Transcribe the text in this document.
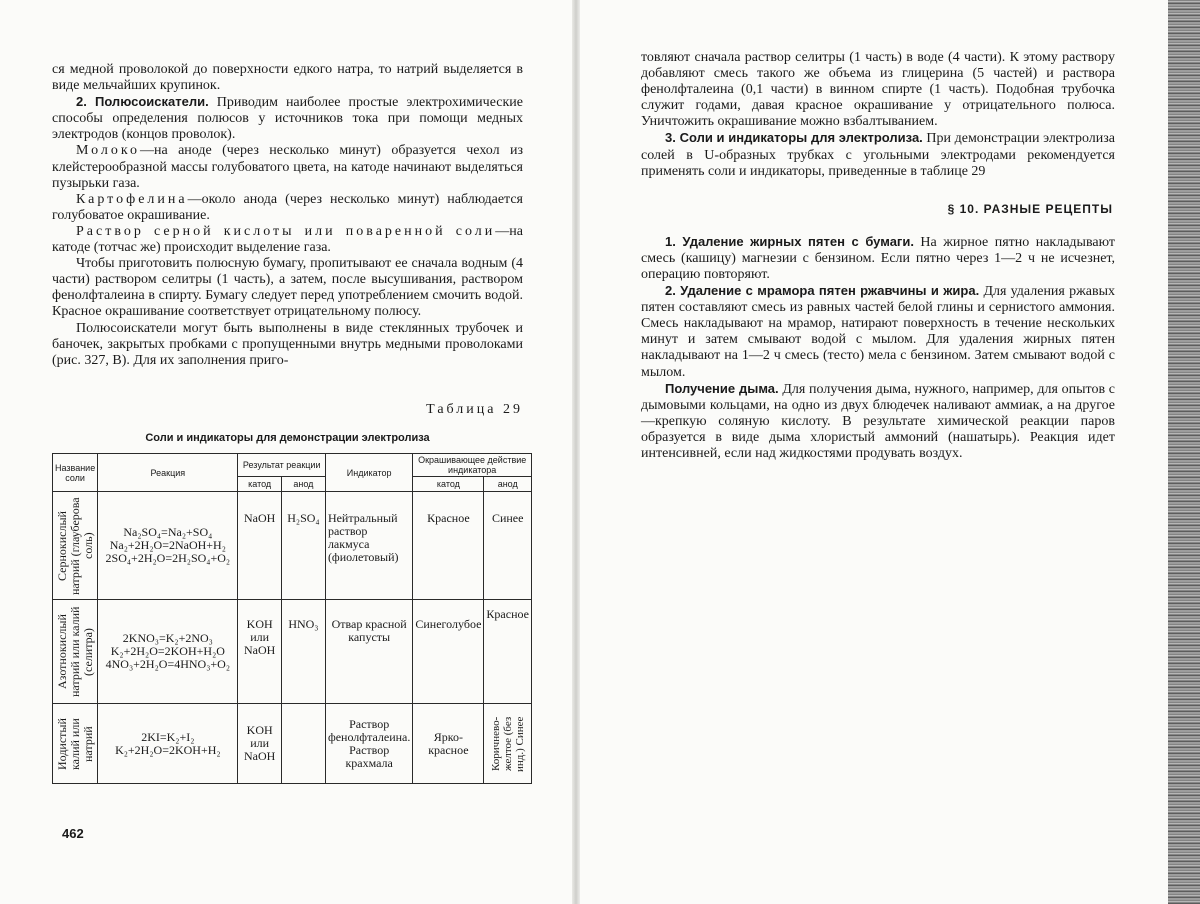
ся медной проволокой до поверхности едкого натра, то натрий выделяется в виде мельчайших крупинок.

2. Полюсоискатели. Приводим наиболее простые электрохимические способы определения полюсов у источников тока при помощи медных электродов (концов проволок).

Молоко—на аноде (через несколько минут) образуется чехол из клейстерообразной массы голубоватого цвета, на катоде начинают выделяться пузырьки газа.

Картофелина—около анода (через несколько минут) наблюдается голубоватое окрашивание.

Раствор серной кислоты или поваренной соли—на катоде (тотчас же) происходит выделение газа.

Чтобы приготовить полюсную бумагу, пропитывают ее сначала водным (4 части) раствором селитры (1 часть), а затем, после высушивания, раствором фенолфталеина в спирту. Бумагу следует перед употреблением смочить водой. Красное окрашивание соответствует отрицательному полюсу.

Полюсоискатели могут быть выполнены в виде стеклянных трубочек и баночек, закрытых пробками с пропущенными внутрь медными проволоками (рис. 327, В). Для их заполнения приго-

Таблица 29
Соли и индикаторы для демонстрации электролиза
Название соли	Реакция	Результат реакции		Индикатор	Окрашивающее действие индикатора	
		катод	анод		катод	анод

Сернокислый натрий (глауберова соль)	Na₂SO₄=Na₂+SO₄
Na₂+2H₂O=2NaOH+H₂
2SO₄+2H₂O=2H₂SO₄+O₂	NaOH	H₂SO₄	Нейтральный раствор лакмуса (фиолетовый)	Красное	Синее

Азотнокислый натрий или калий (селитра)	2KNO₃=K₂+2NO₃
K₂+2H₂O=2KOH+H₂O
4NO₃+2H₂O=4HNO₃+O₂	KOH или NaOH	HNO₃	Отвар красной капусты	Синеголубое	Красное

Иодистый калий или натрий	2KI=K₂+I₂
K₂+2H₂O=2KOH+H₂	KOH или NaOH		Раствор фенолфталеина. Раствор крахмала	Ярко-красное	Коричнево-желтое (без инд.) Синее
462

товляют сначала раствор селитры (1 часть) в воде (4 части). К этому раствору добавляют смесь такого же объема из глицерина (5 частей) и раствора фенолфталеина (0,1 части) в винном спирте (1 часть). Подобная трубочка служит годами, давая красное окрашивание у отрицательного полюса. Уничтожить окрашивание можно взбалтыванием.

3. Соли и индикаторы для электролиза. При демонстрации электролиза солей в U-образных трубках с угольными электродами рекомендуется применять соли и индикаторы, приведенные в таблице 29

§ 10. РАЗНЫЕ РЕЦЕПТЫ

1. Удаление жирных пятен с бумаги. На жирное пятно накладывают смесь (кашицу) магнезии с бензином. Если пятно через 1—2 ч не исчезнет, операцию повторяют.

2. Удаление с мрамора пятен ржавчины и жира. Для удаления ржавых пятен составляют смесь из равных частей белой глины и сернистого аммония. Смесь накладывают на мрамор, натирают поверхность в течение нескольких минут и затем смывают водой с мылом. Для удаления жирных пятен накладывают на 1—2 ч смесь (тесто) мела с бензином. Затем смывают водой с мылом.

Получение дыма. Для получения дыма, нужного, например, для опытов с дымовыми кольцами, на одно из двух блюдечек наливают аммиак, а на другое—крепкую соляную кислоту. В результате химической реакции паров образуется в виде дыма хлористый аммоний (нашатырь). Реакция идет интенсивней, если над жидкостями продувать воздух.
